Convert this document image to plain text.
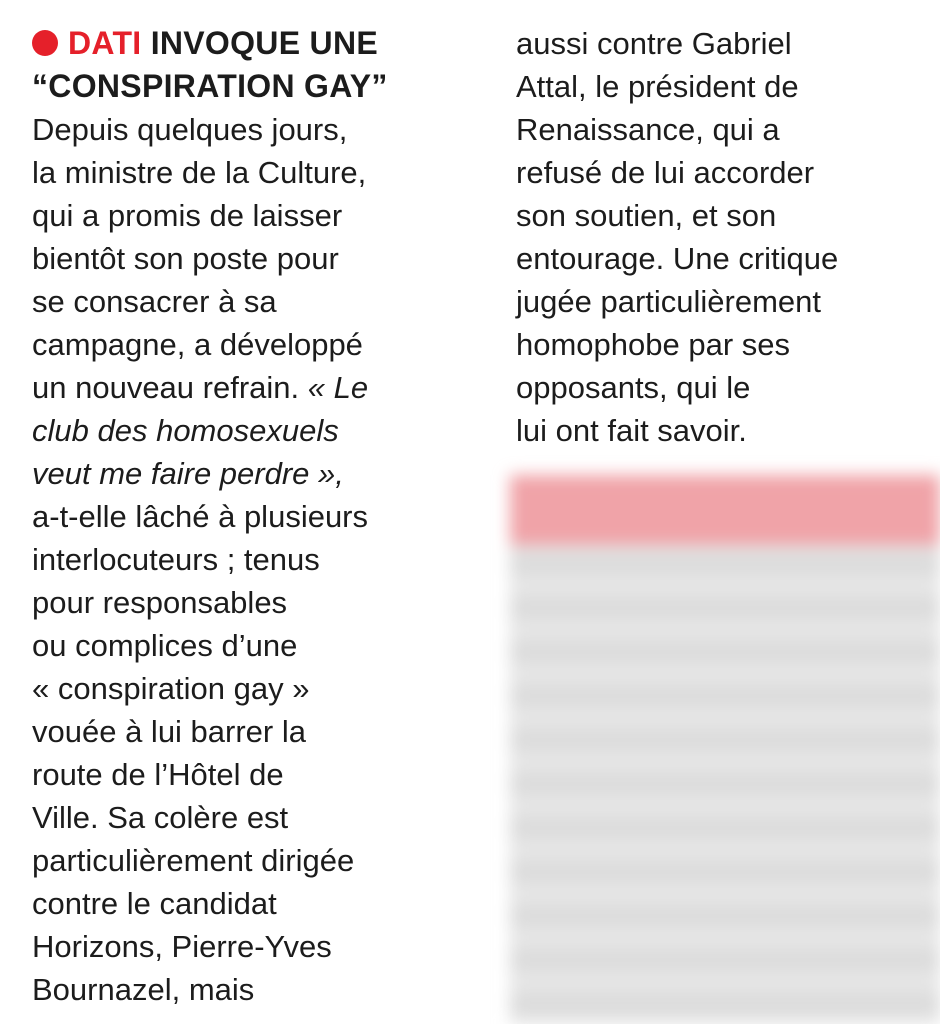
DATI INVOQUE UNE
“CONSPIRATION GAY”
Depuis quelques jours,
la ministre de la Culture,
qui a promis de laisser
bientôt son poste pour
se consacrer à sa
campagne, a développé
un nouveau refrain. « Le
club des homosexuels
veut me faire perdre »,
a-t-elle lâché à plusieurs
interlocuteurs ; tenus
pour responsables
ou complices d’une
« conspiration gay »
vouée à lui barrer la
route de l’Hôtel de
Ville. Sa colère est
particulièrement dirigée
contre le candidat
Horizons, Pierre-Yves
Bournazel, mais
aussi contre Gabriel
Attal, le président de
Renaissance, qui a
refusé de lui accorder
son soutien, et son
entourage. Une critique
jugée particulièrement
homophobe par ses
opposants, qui le
lui ont fait savoir.
